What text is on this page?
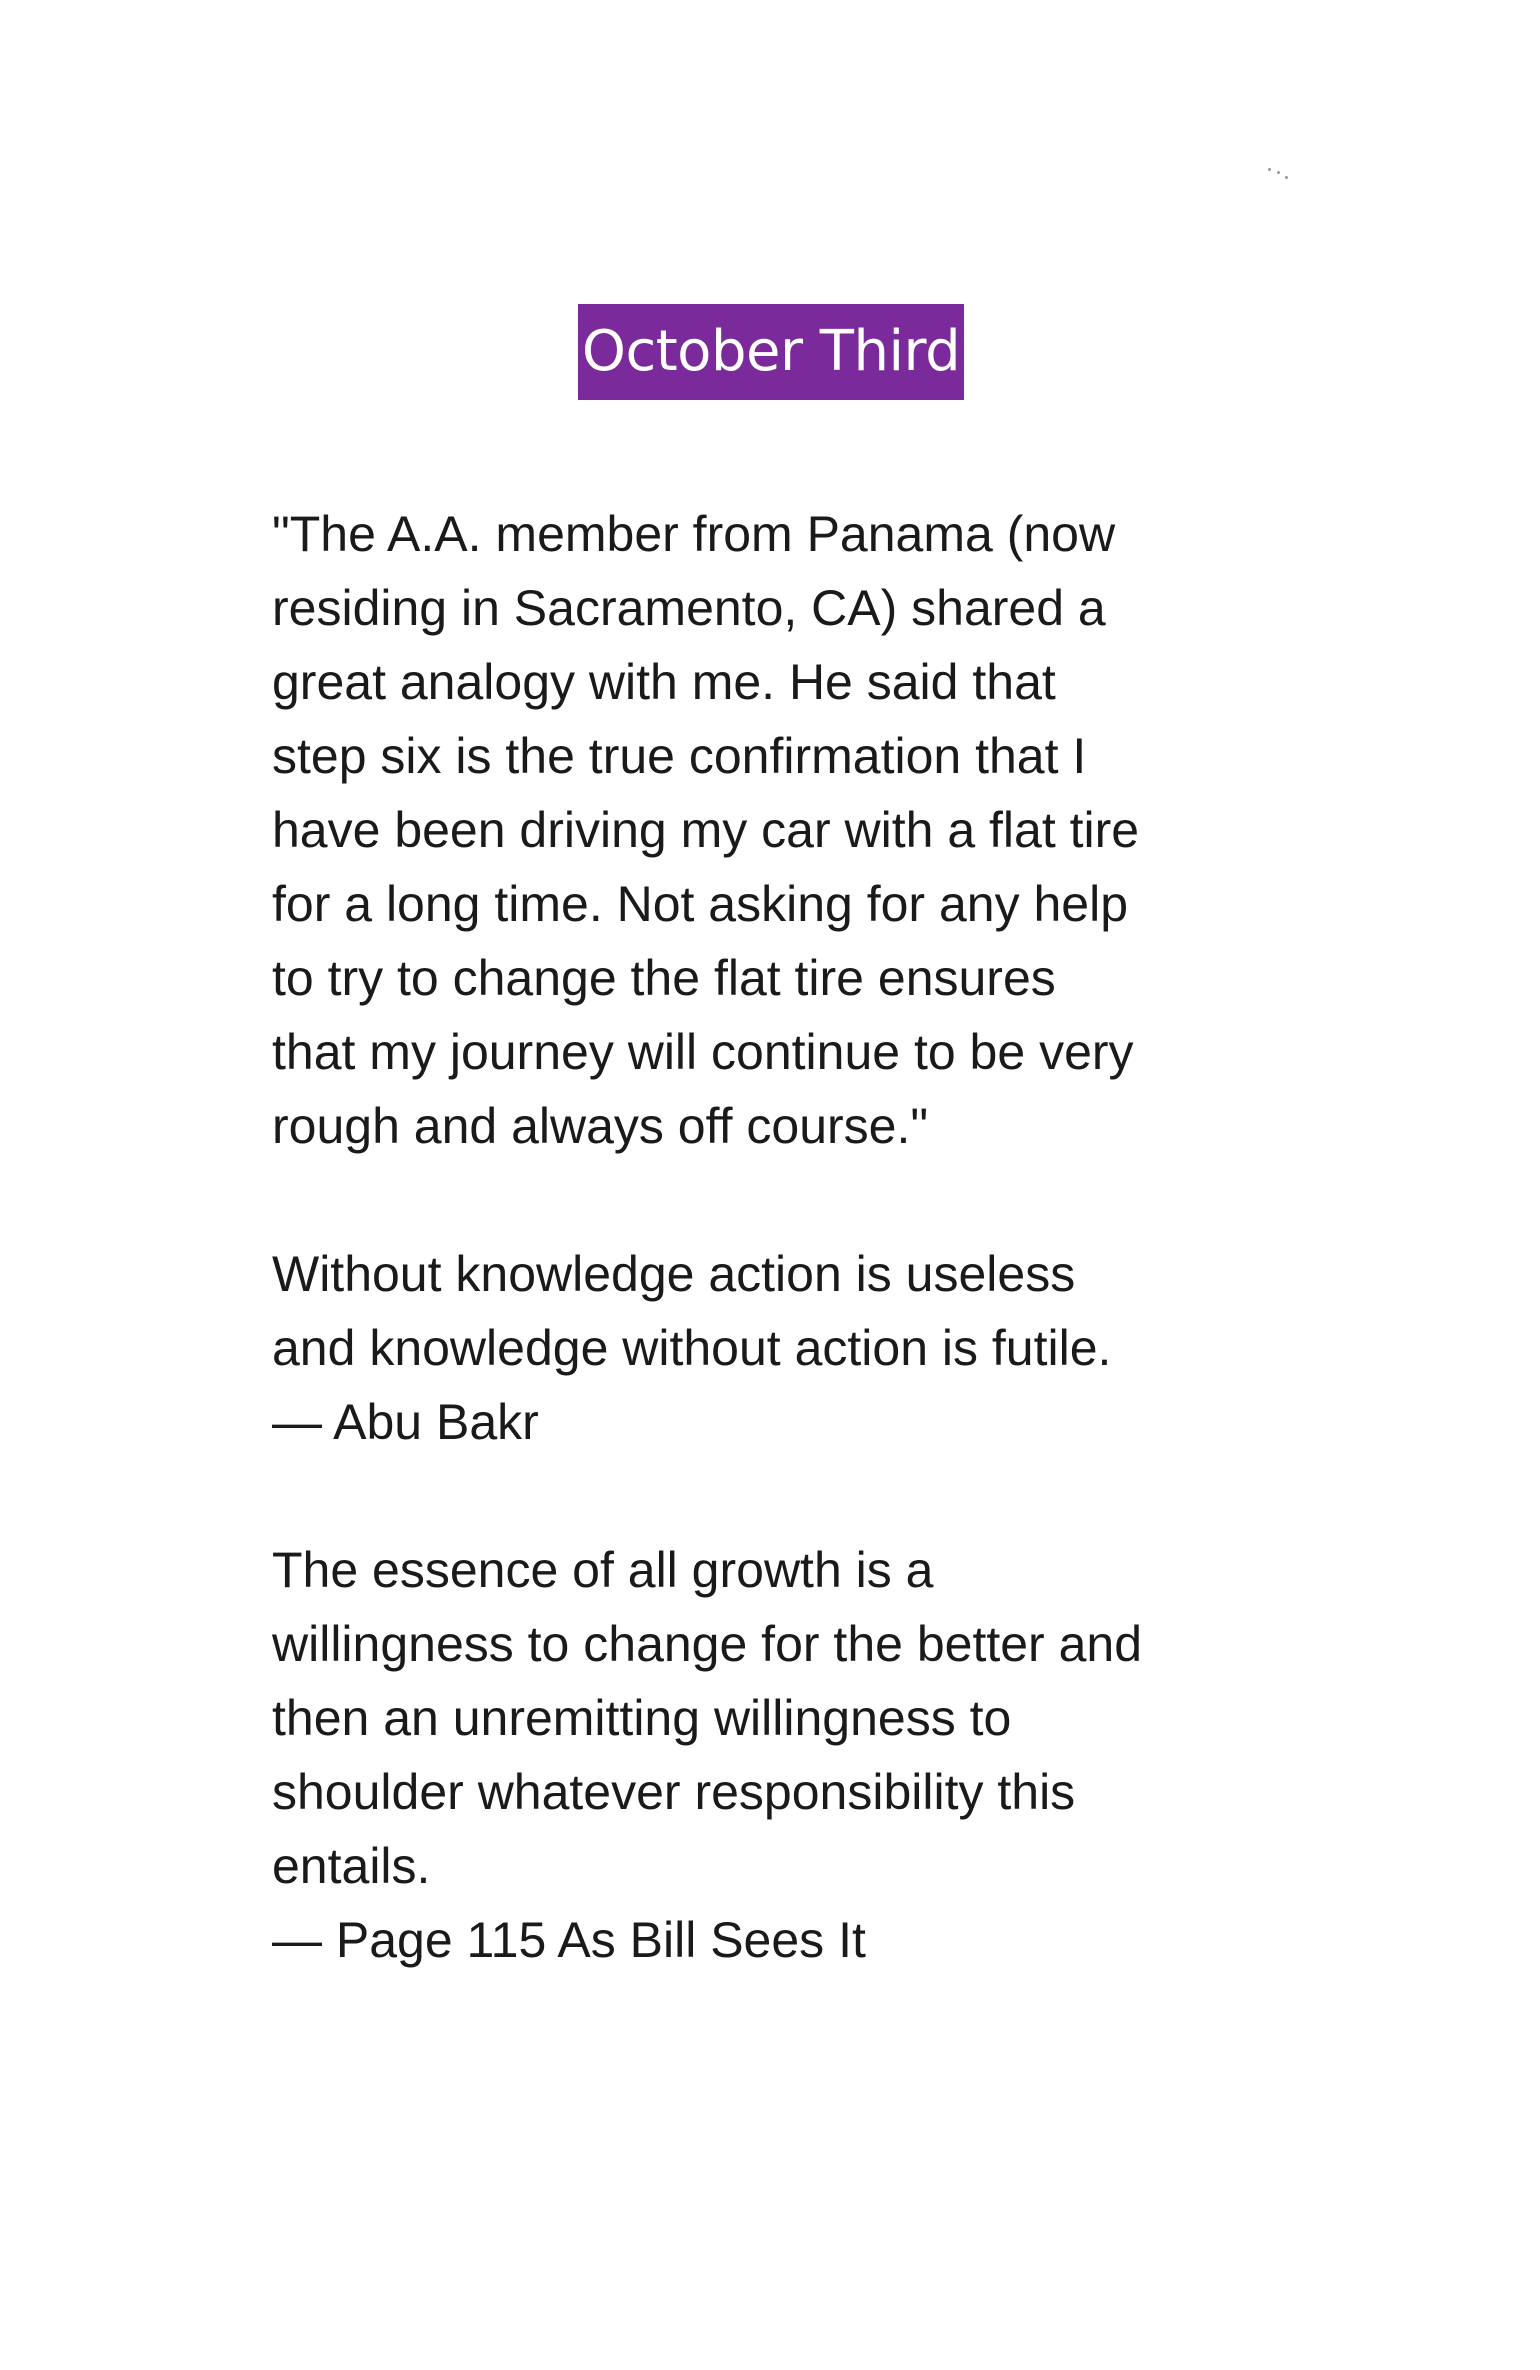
October Third

"The A.A. member from Panama (now
residing in Sacramento, CA) shared a
great analogy with me. He said that
step six is the true confirmation that I
have been driving my car with a flat tire
for a long time. Not asking for any help
to try to change the flat tire ensures
that my journey will continue to be very
rough and always off course."

Without knowledge action is useless
and knowledge without action is futile.

— Abu Bakr

The essence of all growth is a
willingness to change for the better and
then an unremitting willingness to
shoulder whatever responsibility this
entails.

— Page 115 As Bill Sees It
